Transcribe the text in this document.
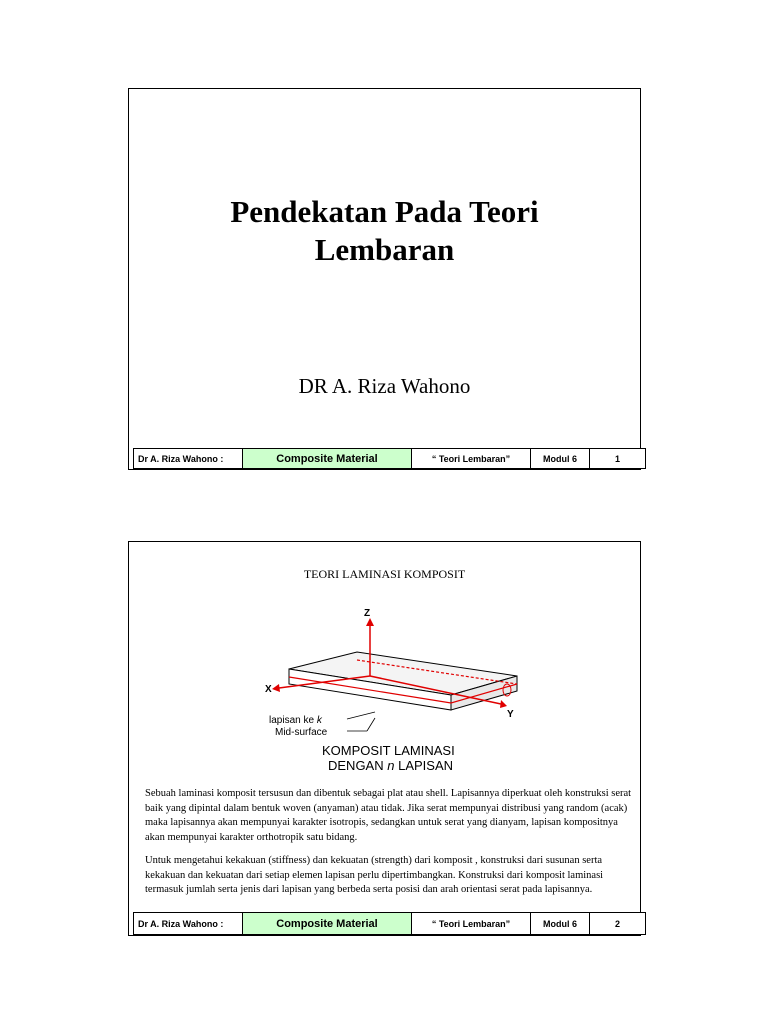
Pendekatan Pada Teori
Lembaran
DR A. Riza Wahono
Dr A. Riza Wahono :	Composite Material	“ Teori Lembaran”	Modul 6	1
TEORI LAMINASI KOMPOSIT
Z
X
Y
lapisan ke k
Mid-surface
KOMPOSIT LAMINASI
DENGAN n LAPISAN
Sebuah laminasi komposit tersusun dan dibentuk sebagai plat atau shell. Lapisannya diperkuat oleh konstruksi serat baik yang dipintal dalam bentuk woven (anyaman) atau tidak. Jika serat mempunyai distribusi yang random (acak) maka lapisannya akan mempunyai karakter isotropis, sedangkan untuk serat yang dianyam, lapisan kompositnya akan mempunyai karakter orthotropik satu bidang.
Untuk mengetahui kekakuan (stiffness) dan kekuatan (strength) dari komposit , konstruksi dari susunan serta kekakuan dan kekuatan dari setiap elemen lapisan perlu dipertimbangkan. Konstruksi dari komposit laminasi termasuk jumlah serta jenis dari lapisan yang berbeda serta posisi dan arah orientasi serat pada lapisannya.
Dr A. Riza Wahono :	Composite Material	“ Teori Lembaran”	Modul 6	2
